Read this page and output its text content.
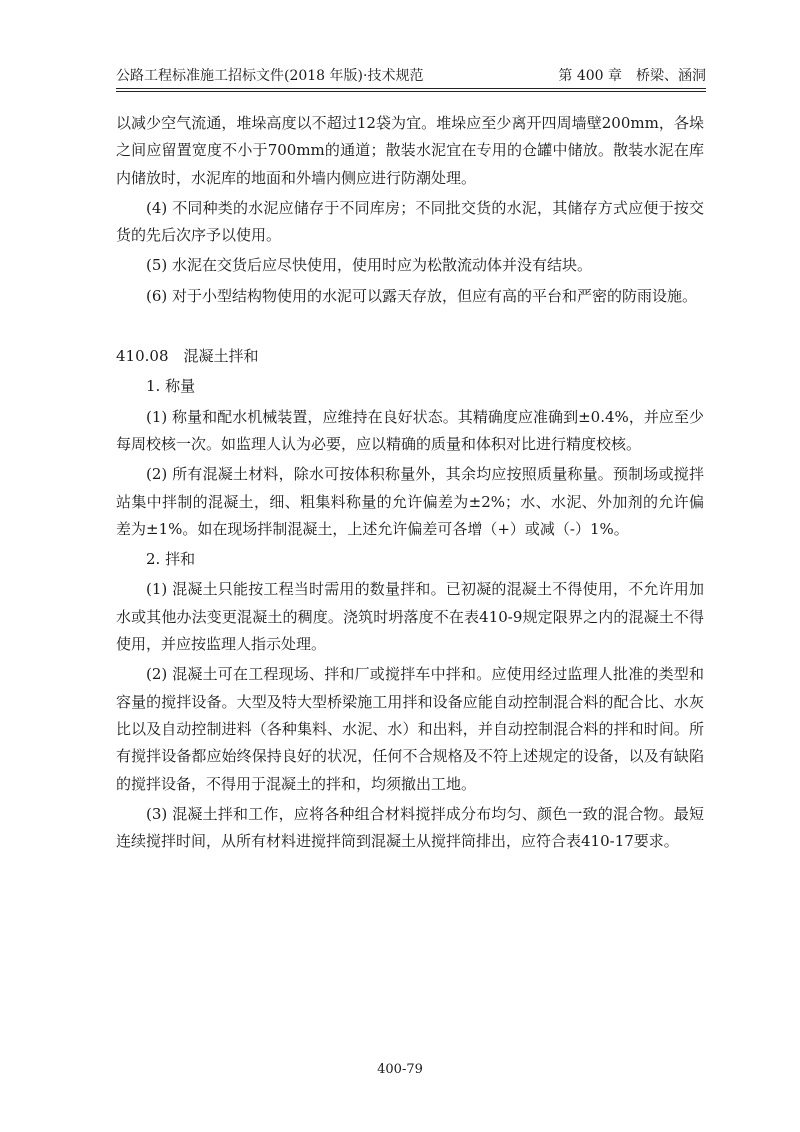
公路工程标准施工招标文件(2018 年版)·技术规范	第 400 章　桥梁、涵洞

以减少空气流通，堆垛高度以不超过12袋为宜。堆垛应至少离开四周墙壁200mm，各垛之间应留置宽度不小于700mm的通道；散装水泥宜在专用的仓罐中储放。散装水泥在库内储放时，水泥库的地面和外墙内侧应进行防潮处理。

(4) 不同种类的水泥应储存于不同库房；不同批交货的水泥，其储存方式应便于按交货的先后次序予以使用。

(5) 水泥在交货后应尽快使用，使用时应为松散流动体并没有结块。

(6) 对于小型结构物使用的水泥可以露天存放，但应有高的平台和严密的防雨设施。

410.08　混凝土拌和

1. 称量

(1) 称量和配水机械装置，应维持在良好状态。其精确度应准确到±0.4%，并应至少每周校核一次。如监理人认为必要，应以精确的质量和体积对比进行精度校核。

(2) 所有混凝土材料，除水可按体积称量外，其余均应按照质量称量。预制场或搅拌站集中拌制的混凝土，细、粗集料称量的允许偏差为±2%；水、水泥、外加剂的允许偏差为±1%。如在现场拌制混凝土，上述允许偏差可各增（+）或减（-）1%。

2. 拌和

(1) 混凝土只能按工程当时需用的数量拌和。已初凝的混凝土不得使用，不允许用加水或其他办法变更混凝土的稠度。浇筑时坍落度不在表410-9规定限界之内的混凝土不得使用，并应按监理人指示处理。

(2) 混凝土可在工程现场、拌和厂或搅拌车中拌和。应使用经过监理人批准的类型和容量的搅拌设备。大型及特大型桥梁施工用拌和设备应能自动控制混合料的配合比、水灰比以及自动控制进料（各种集料、水泥、水）和出料，并自动控制混合料的拌和时间。所有搅拌设备都应始终保持良好的状况，任何不合规格及不符上述规定的设备，以及有缺陷的搅拌设备，不得用于混凝土的拌和，均须撤出工地。

(3) 混凝土拌和工作，应将各种组合材料搅拌成分布均匀、颜色一致的混合物。最短连续搅拌时间，从所有材料进搅拌筒到混凝土从搅拌筒排出，应符合表410-17要求。

400-79
